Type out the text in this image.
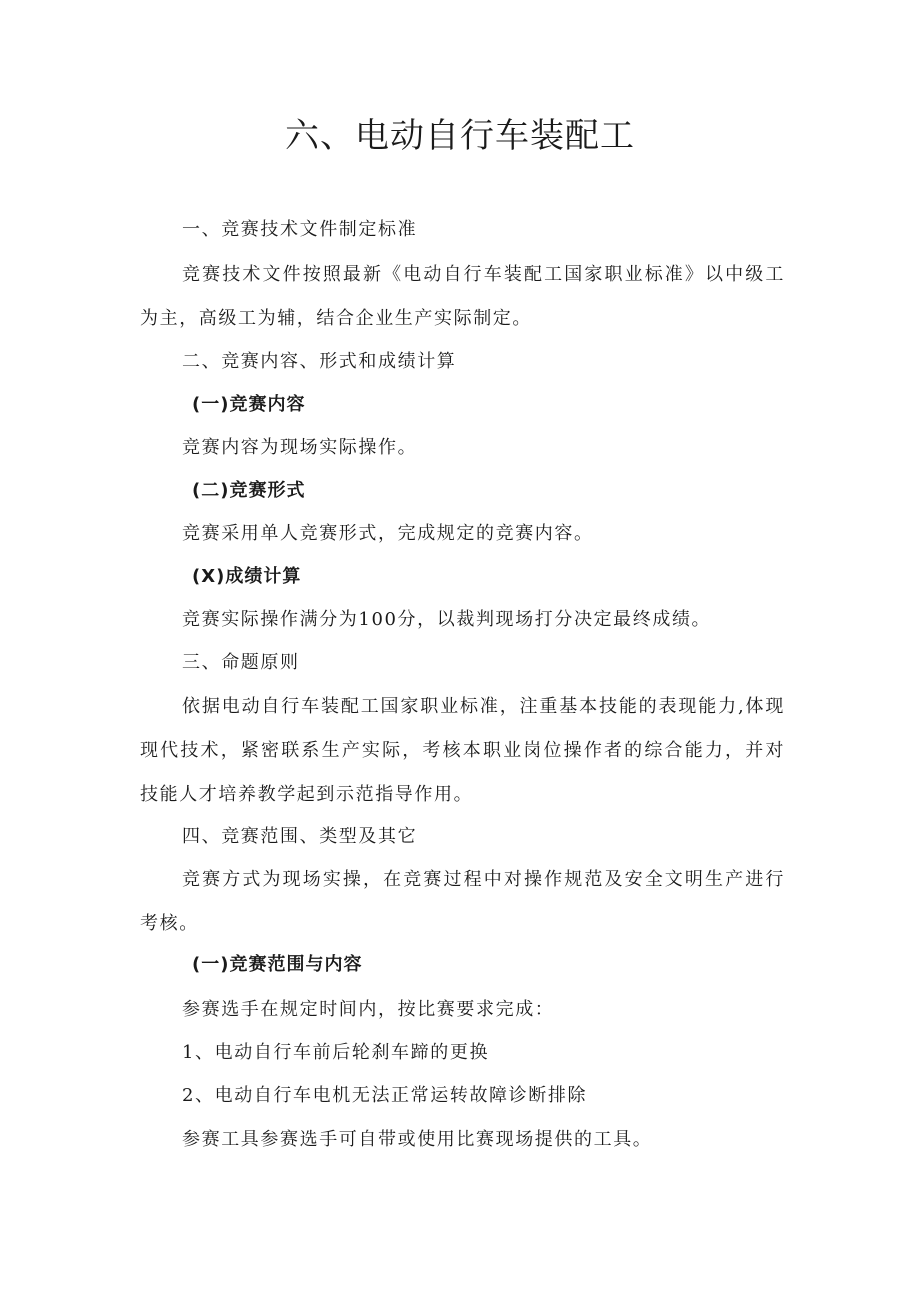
六、电动自行车装配工

一、竞赛技术文件制定标准

竞赛技术文件按照最新《电动自行车装配工国家职业标准》以中级工为主，高级工为辅，结合企业生产实际制定。

二、竞赛内容、形式和成绩计算

(一)竞赛内容

竞赛内容为现场实际操作。

(二)竞赛形式

竞赛采用单人竞赛形式，完成规定的竞赛内容。

(X)成绩计算

竞赛实际操作满分为100分，以裁判现场打分决定最终成绩。

三、命题原则

依据电动自行车装配工国家职业标准，注重基本技能的表现能力,体现现代技术，紧密联系生产实际，考核本职业岗位操作者的综合能力，并对技能人才培养教学起到示范指导作用。

四、竞赛范围、类型及其它

竞赛方式为现场实操，在竞赛过程中对操作规范及安全文明生产进行考核。

(一)竞赛范围与内容

参赛选手在规定时间内，按比赛要求完成：

1、电动自行车前后轮刹车蹄的更换

2、电动自行车电机无法正常运转故障诊断排除

参赛工具参赛选手可自带或使用比赛现场提供的工具。
